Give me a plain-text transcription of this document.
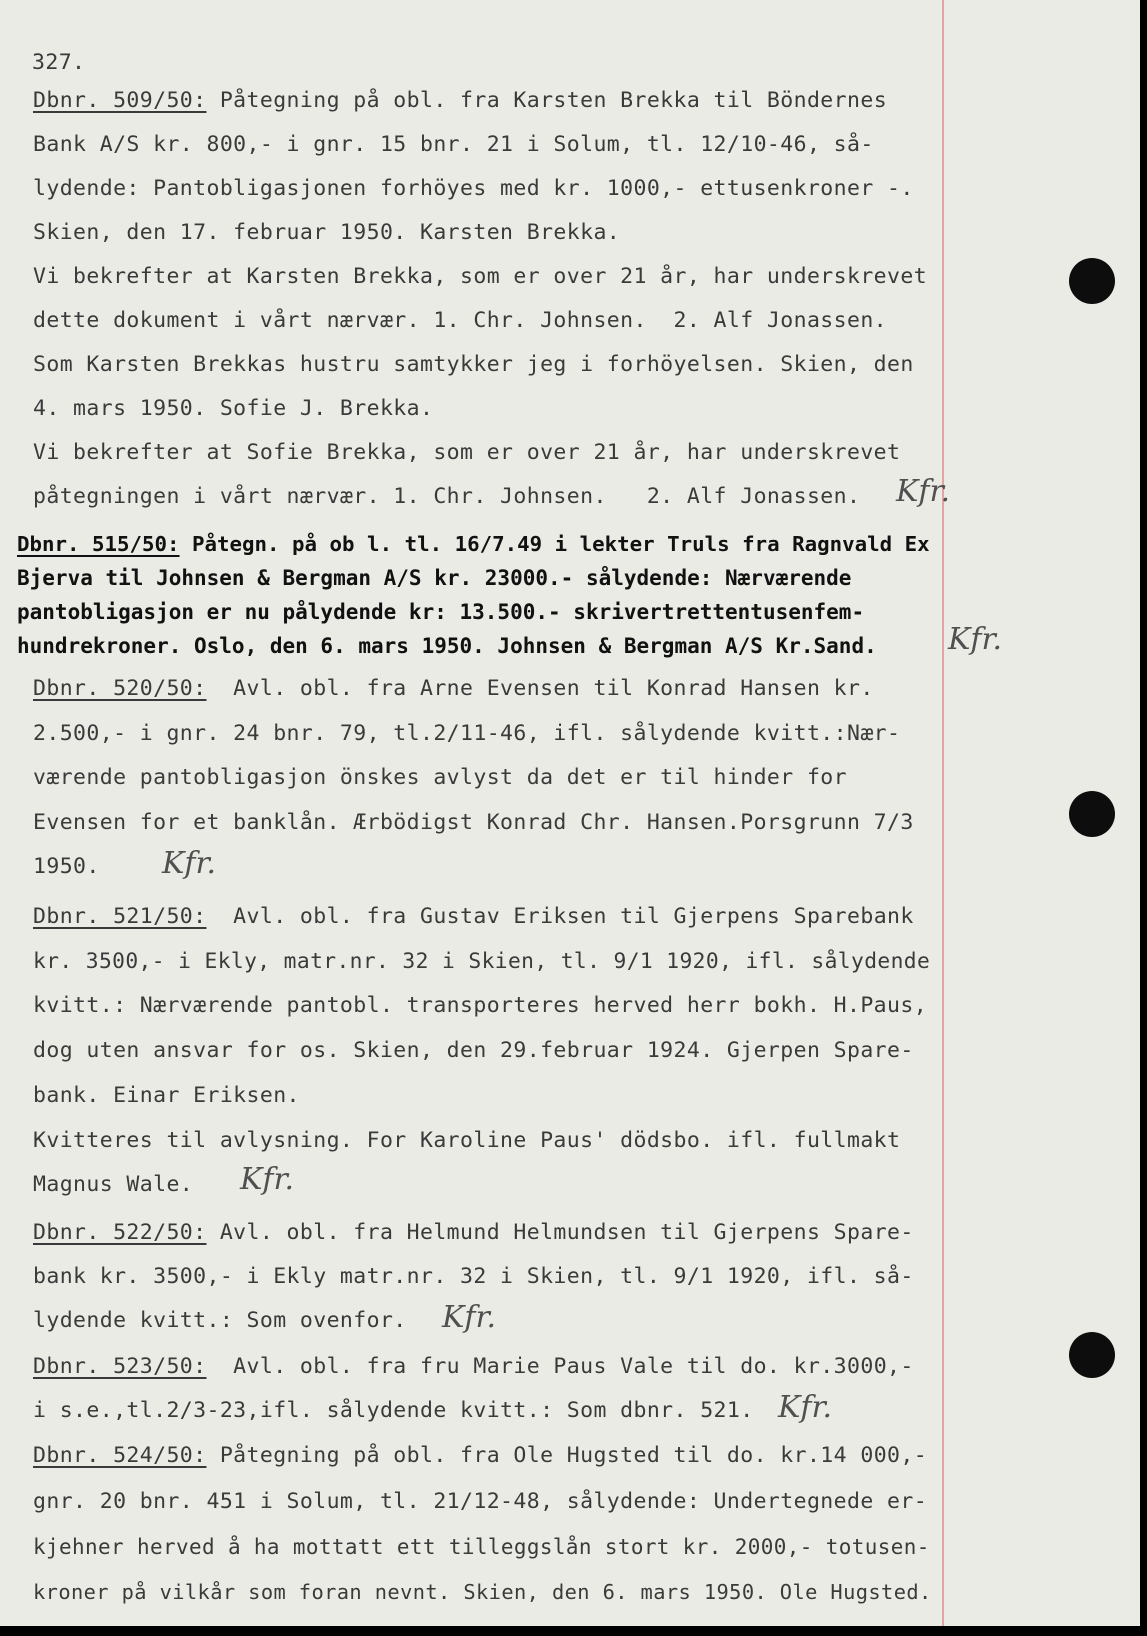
327.
Dbnr. 509/50: Påtegning på obl. fra Karsten Brekka til Böndernes
Bank A/S kr. 800,- i gnr. 15 bnr. 21 i Solum, tl. 12/10-46, så-
lydende: Pantobligasjonen forhöyes med kr. 1000,- ettusenkroner -.
Skien, den 17. februar 1950. Karsten Brekka.
Vi bekrefter at Karsten Brekka, som er over 21 år, har underskrevet
dette dokument i vårt nærvær. 1. Chr. Johnsen.  2. Alf Jonassen.
Som Karsten Brekkas hustru samtykker jeg i forhöyelsen. Skien, den
4. mars 1950. Sofie J. Brekka.
Vi bekrefter at Sofie Brekka, som er over 21 år, har underskrevet
påtegningen i vårt nærvær. 1. Chr. Johnsen.   2. Alf Jonassen. Kfr.
Dbnr. 515/50: Påtegn. på ob l. tl. 16/7.49 i lekter Truls fra Ragnvald Ex
Bjerva til Johnsen & Bergman A/S kr. 23000.- sålydende: Nærværende
pantobligasjon er nu pålydende kr: 13.500.- skrivertrettentusenfem-
hundrekroner. Oslo, den 6. mars 1950. Johnsen & Bergman A/S Kr.Sand. Kfr.
Dbnr. 520/50:  Avl. obl. fra Arne Evensen til Konrad Hansen kr.
2.500,- i gnr. 24 bnr. 79, tl.2/11-46, ifl. sålydende kvitt.:Nær-
værende pantobligasjon önskes avlyst da det er til hinder for
Evensen for et banklån. Ærbödigst Konrad Chr. Hansen.Porsgrunn 7/3
1950. Kfr.
Dbnr. 521/50:  Avl. obl. fra Gustav Eriksen til Gjerpens Sparebank
kr. 3500,- i Ekly, matr.nr. 32 i Skien, tl. 9/1 1920, ifl. sålydende
kvitt.: Nærværende pantobl. transporteres herved herr bokh. H.Paus,
dog uten ansvar for os. Skien, den 29.februar 1924. Gjerpen Spare-
bank. Einar Eriksen.
Kvitteres til avlysning. For Karoline Paus' dödsbo. ifl. fullmakt
Magnus Wale. Kfr.
Dbnr. 522/50: Avl. obl. fra Helmund Helmundsen til Gjerpens Spare-
bank kr. 3500,- i Ekly matr.nr. 32 i Skien, tl. 9/1 1920, ifl. så-
lydende kvitt.: Som ovenfor. Kfr.
Dbnr. 523/50:  Avl. obl. fra fru Marie Paus Vale til do. kr.3000,-
i s.e.,tl.2/3-23,ifl. sålydende kvitt.: Som dbnr. 521. Kfr.
Dbnr. 524/50: Påtegning på obl. fra Ole Hugsted til do. kr.14 000,-
gnr. 20 bnr. 451 i Solum, tl. 21/12-48, sålydende: Undertegnede er-
kjehner herved å ha mottatt ett tilleggslån stort kr. 2000,- totusen-
kroner på vilkår som foran nevnt. Skien, den 6. mars 1950. Ole Hugsted.
